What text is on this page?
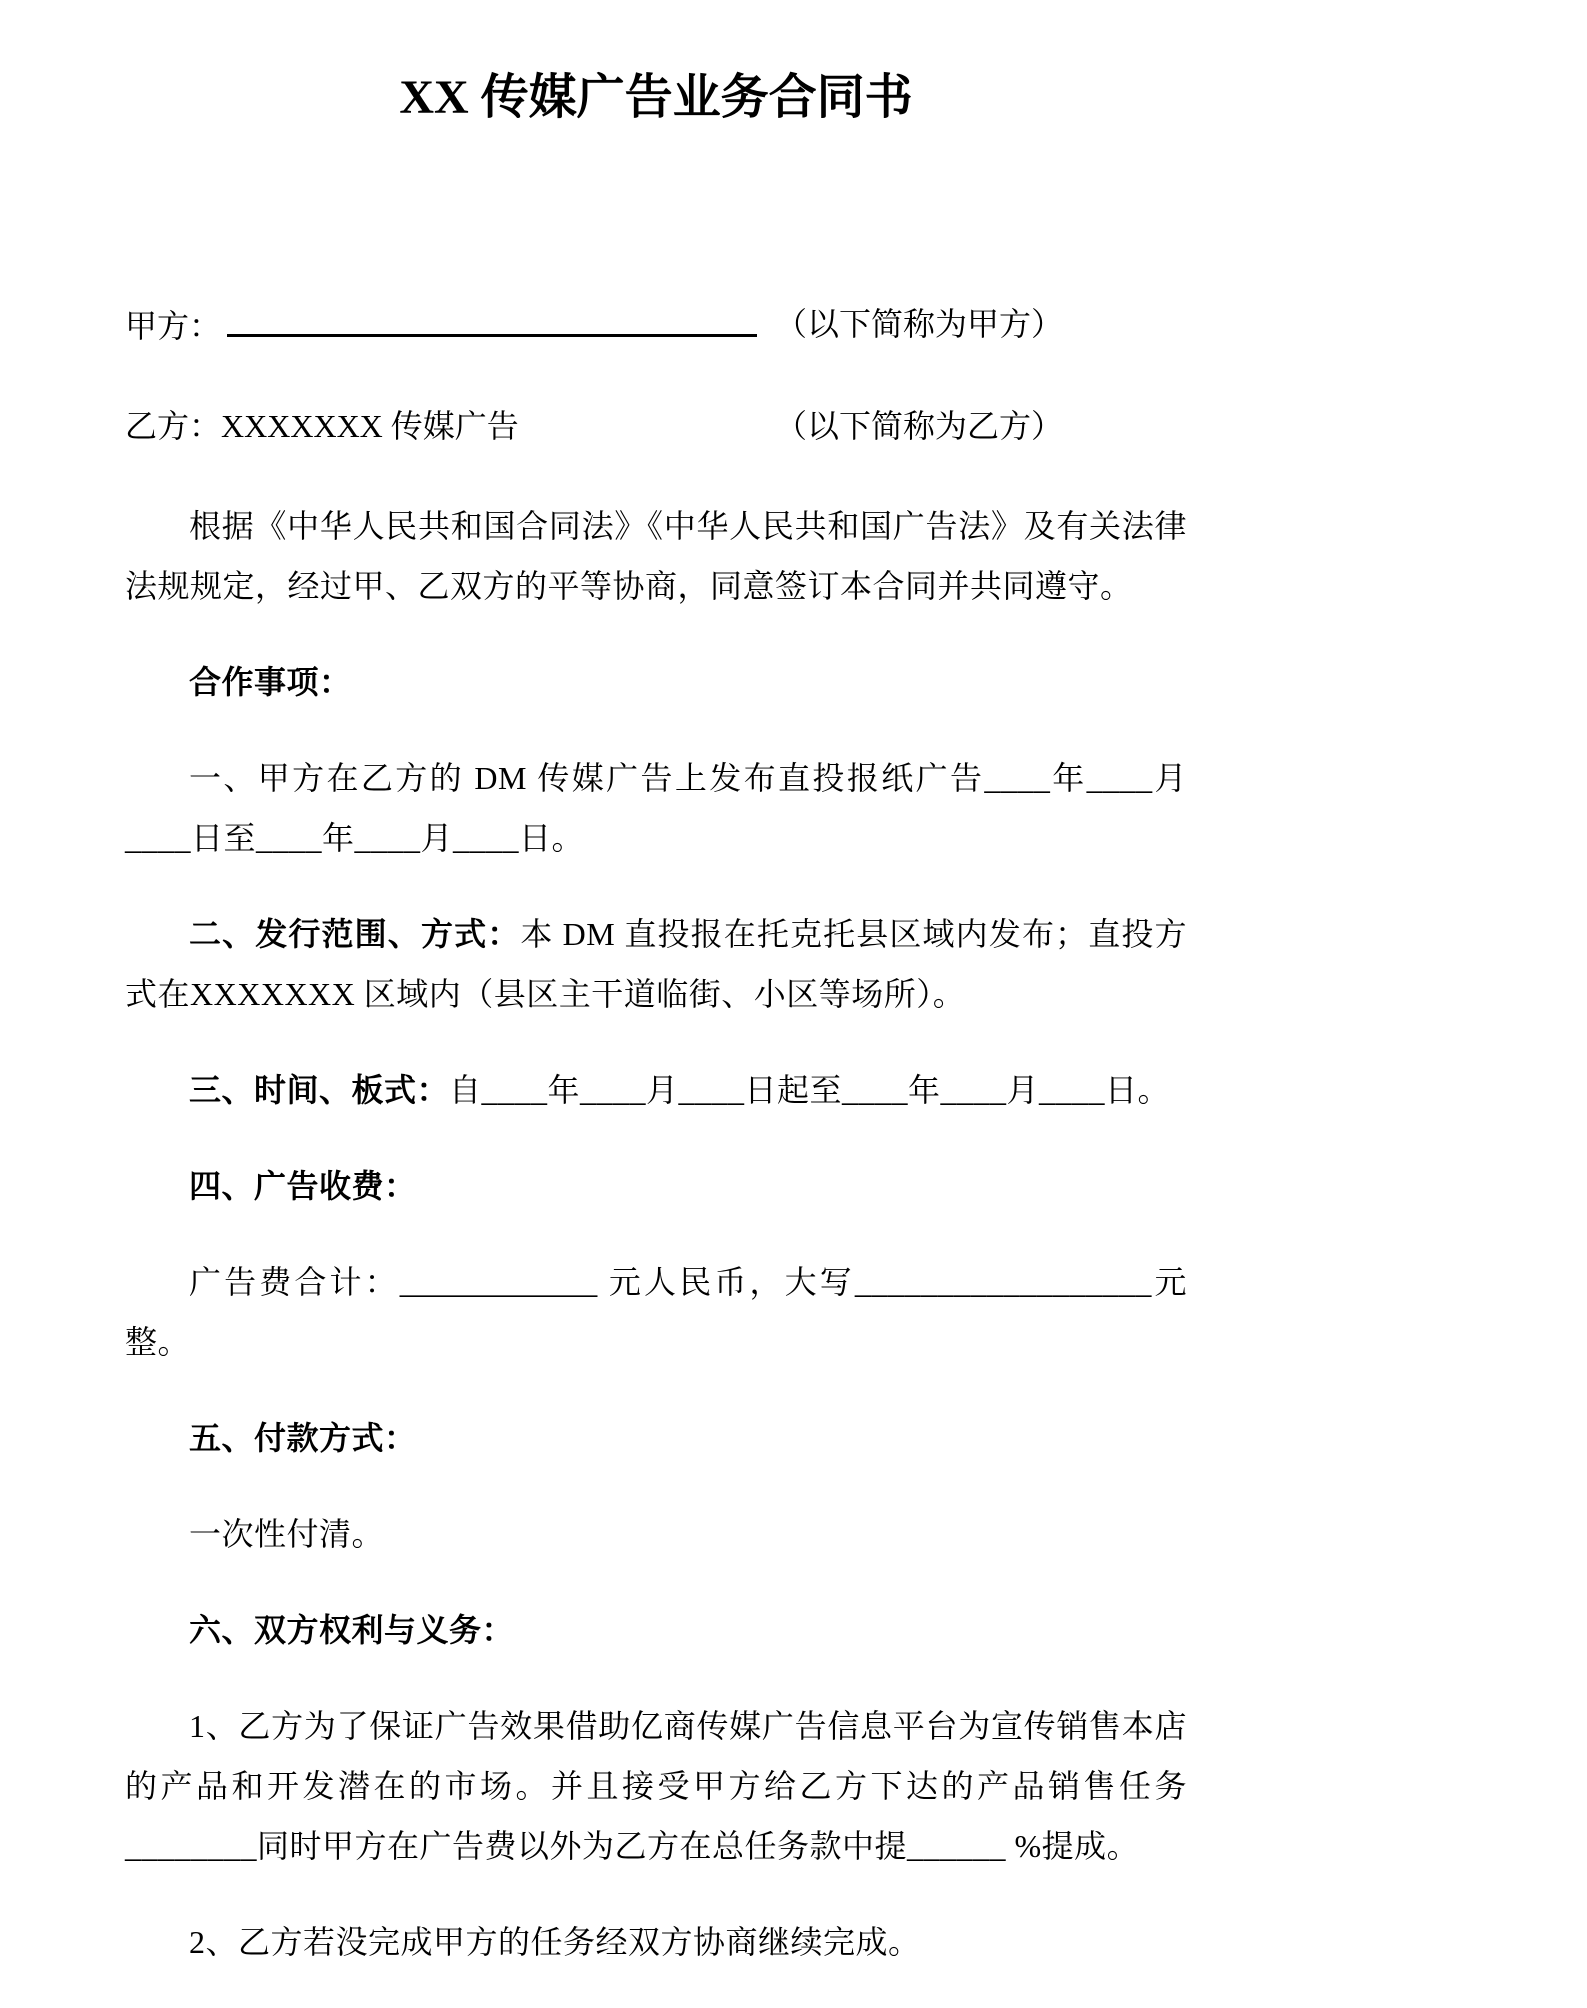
XX 传媒广告业务合同书
甲方：	（以下简称为甲方）
乙方：XXXXXXX 传媒广告	（以下简称为乙方）

根据《中华人民共和国合同法》《中华人民共和国广告法》及有关法律法规规定，经过甲、乙双方的平等协商，同意签订本合同并共同遵守。

合作事项：

一、甲方在乙方的 DM 传媒广告上发布直投报纸广告____年____月____日至____年____月____日。

二、发行范围、方式：本 DM 直投报在托克托县区域内发布；直投方式在XXXXXXX 区域内（县区主干道临街、小区等场所）。

三、时间、板式：自____年____月____日起至____年____月____日。

四、广告收费：

广告费合计：____________ 元人民币，大写__________________元整。

五、付款方式：

一次性付清。

六、双方权利与义务：

1、乙方为了保证广告效果借助亿商传媒广告信息平台为宣传销售本店的产品和开发潜在的市场。并且接受甲方给乙方下达的产品销售任务________同时甲方在广告费以外为乙方在总任务款中提______ %提成。

2、乙方若没完成甲方的任务经双方协商继续完成。
